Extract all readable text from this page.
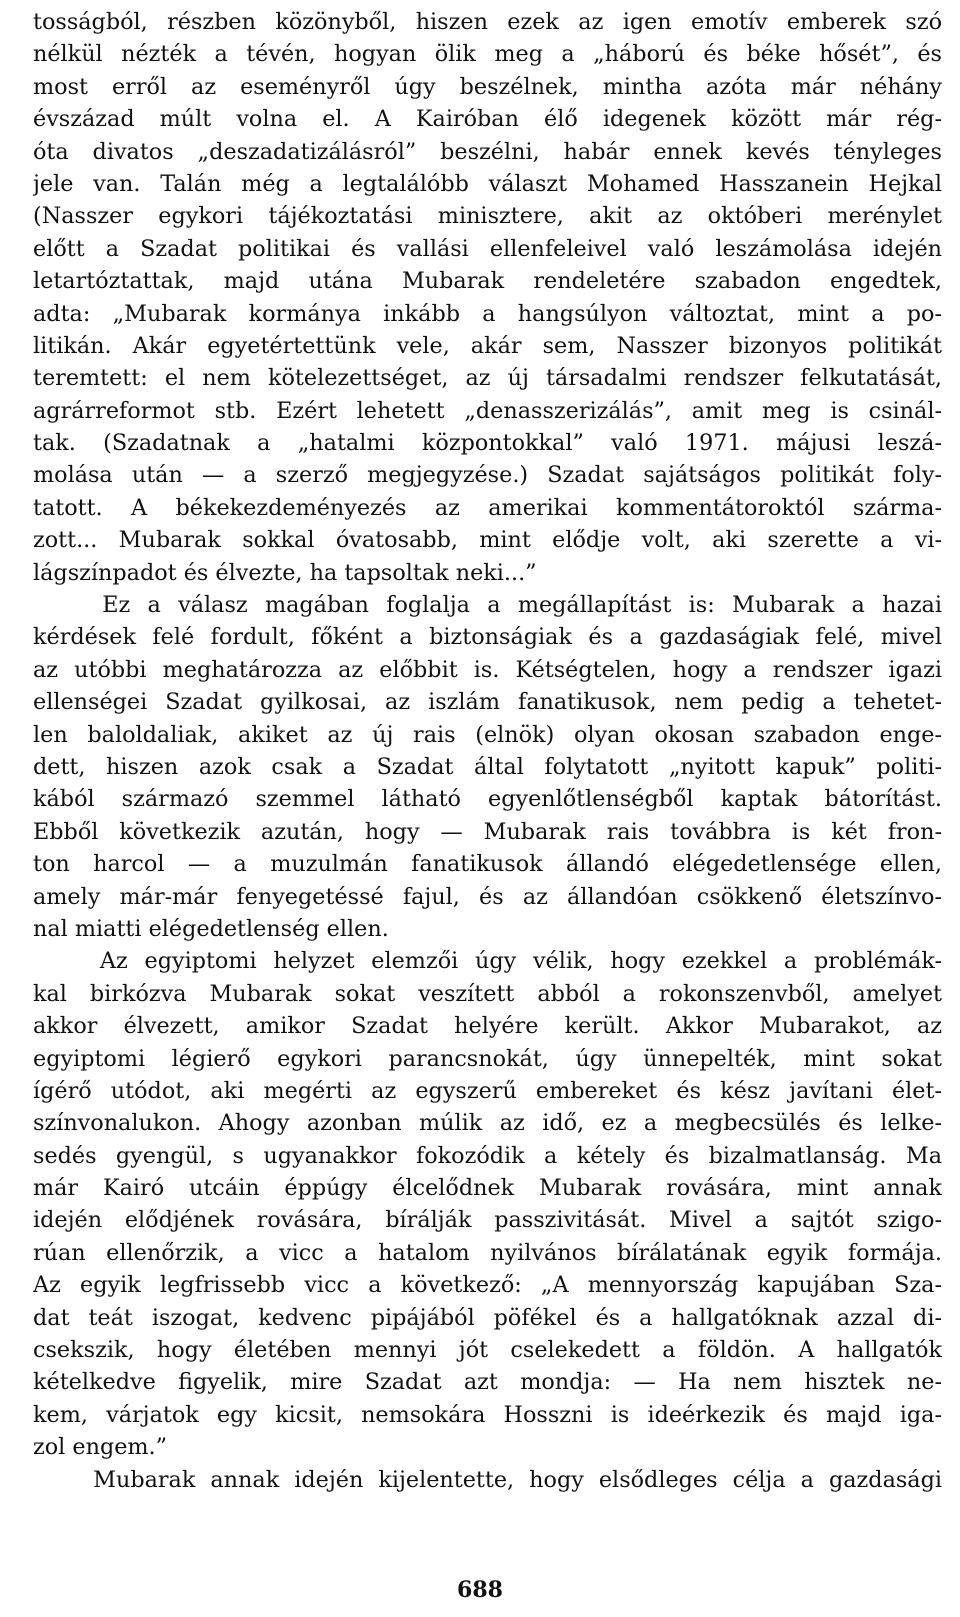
tosságból, részben közönyből, hiszen ezek az igen emotív emberek szó
nélkül nézték a tévén, hogyan ölik meg a „háború és béke hősét”, és
most erről az eseményről úgy beszélnek, mintha azóta már néhány
évszázad múlt volna el. A Kairóban élő idegenek között már rég-
óta divatos „deszadatizálásról” beszélni, habár ennek kevés tényleges
jele van. Talán még a legtalálóbb választ Mohamed Hasszanein Hejkal
(Nasszer egykori tájékoztatási minisztere, akit az októberi merénylet
előtt a Szadat politikai és vallási ellenfeleivel való leszámolása idején
letartóztattak, majd utána Mubarak rendeletére szabadon engedtek,
adta: „Mubarak kormánya inkább a hangsúlyon változtat, mint a po-
litikán. Akár egyetértettünk vele, akár sem, Nasszer bizonyos politikát
teremtett: el nem kötelezettséget, az új társadalmi rendszer felkutatását,
agrárreformot stb. Ezért lehetett „denasszerizálás”, amit meg is csinál-
tak. (Szadatnak a „hatalmi központokkal” való 1971. májusi leszá-
molása után — a szerző megjegyzése.) Szadat sajátságos politikát foly-
tatott. A békekezdeményezés az amerikai kommentátoroktól szárma-
zott... Mubarak sokkal óvatosabb, mint elődje volt, aki szerette a vi-
lágszínpadot és élvezte, ha tapsoltak neki...”
Ez a válasz magában foglalja a megállapítást is: Mubarak a hazai
kérdések felé fordult, főként a biztonságiak és a gazdaságiak felé, mivel
az utóbbi meghatározza az előbbit is. Kétségtelen, hogy a rendszer igazi
ellenségei Szadat gyilkosai, az iszlám fanatikusok, nem pedig a tehetet-
len baloldaliak, akiket az új rais (elnök) olyan okosan szabadon enge-
dett, hiszen azok csak a Szadat által folytatott „nyitott kapuk” politi-
kából származó szemmel látható egyenlőtlenségből kaptak bátorítást.
Ebből következik azután, hogy — Mubarak rais továbbra is két fron-
ton harcol — a muzulmán fanatikusok állandó elégedetlensége ellen,
amely már-már fenyegetéssé fajul, és az állandóan csökkenő életszínvo-
nal miatti elégedetlenség ellen.
Az egyiptomi helyzet elemzői úgy vélik, hogy ezekkel a problémák-
kal birkózva Mubarak sokat veszített abból a rokonszenvből, amelyet
akkor élvezett, amikor Szadat helyére került. Akkor Mubarakot, az
egyiptomi légierő egykori parancsnokát, úgy ünnepelték, mint sokat
ígérő utódot, aki megérti az egyszerű embereket és kész javítani élet-
színvonalukon. Ahogy azonban múlik az idő, ez a megbecsülés és lelke-
sedés gyengül, s ugyanakkor fokozódik a kétely és bizalmatlanság. Ma
már Kairó utcáin éppúgy élcelődnek Mubarak rovására, mint annak
idején elődjének rovására, bírálják passzivitását. Mivel a sajtót szigo-
rúan ellenőrzik, a vicc a hatalom nyilvános bírálatának egyik formája.
Az egyik legfrissebb vicc a következő: „A mennyország kapujában Sza-
dat teát iszogat, kedvenc pipájából pöfékel és a hallgatóknak azzal di-
csekszik, hogy életében mennyi jót cselekedett a földön. A hallgatók
kételkedve figyelik, mire Szadat azt mondja: — Ha nem hisztek ne-
kem, várjatok egy kicsit, nemsokára Hosszni is ideérkezik és majd iga-
zol engem.”
Mubarak annak idején kijelentette, hogy elsődleges célja a gazdasági
688
